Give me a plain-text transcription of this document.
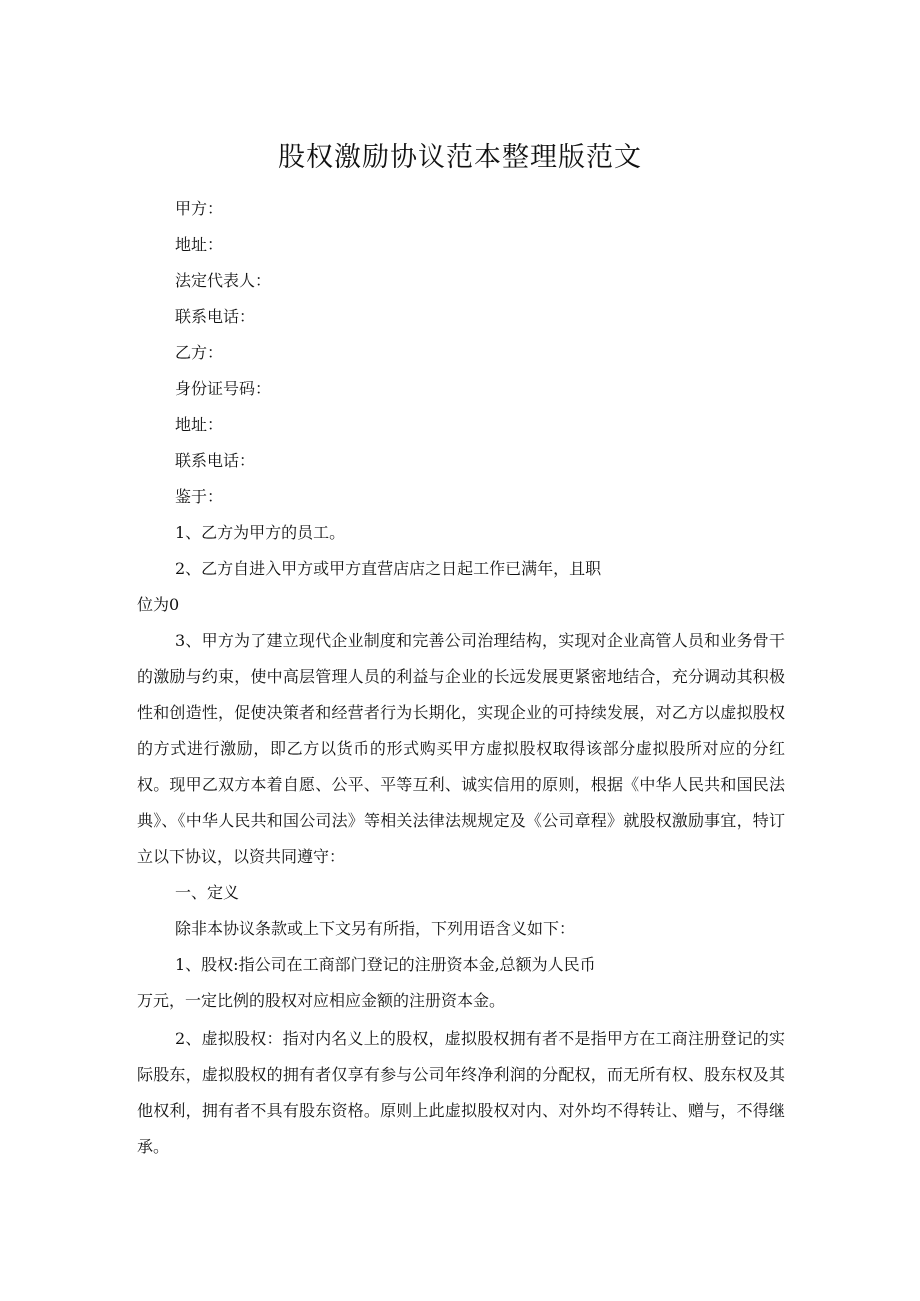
股权激励协议范本整理版范文
甲方：
地址：
法定代表人：
联系电话：
乙方：
身份证号码：
地址：
联系电话：
鉴于：
1、乙方为甲方的员工。
2、乙方自进入甲方或甲方直营店店之日起工作已满年，且职
位为0
3、甲方为了建立现代企业制度和完善公司治理结构，实现对企业高管人员和业务骨干的激励与约束，使中高层管理人员的利益与企业的长远发展更紧密地结合，充分调动其积极性和创造性，促使决策者和经营者行为长期化，实现企业的可持续发展，对乙方以虚拟股权的方式进行激励，即乙方以货币的形式购买甲方虚拟股权取得该部分虚拟股所对应的分红权。现甲乙双方本着自愿、公平、平等互利、诚实信用的原则，根据《中华人民共和国民法典》、《中华人民共和国公司法》等相关法律法规规定及《公司章程》就股权激励事宜，特订立以下协议，以资共同遵守：
一、定义
除非本协议条款或上下文另有所指，下列用语含义如下：
1、股权:指公司在工商部门登记的注册资本金,总额为人民币
万元，一定比例的股权对应相应金额的注册资本金。
2、虚拟股权：指对内名义上的股权，虚拟股权拥有者不是指甲方在工商注册登记的实际股东，虚拟股权的拥有者仅享有参与公司年终净利润的分配权，而无所有权、股东权及其他权利，拥有者不具有股东资格。原则上此虚拟股权对内、对外均不得转让、赠与，不得继承。
